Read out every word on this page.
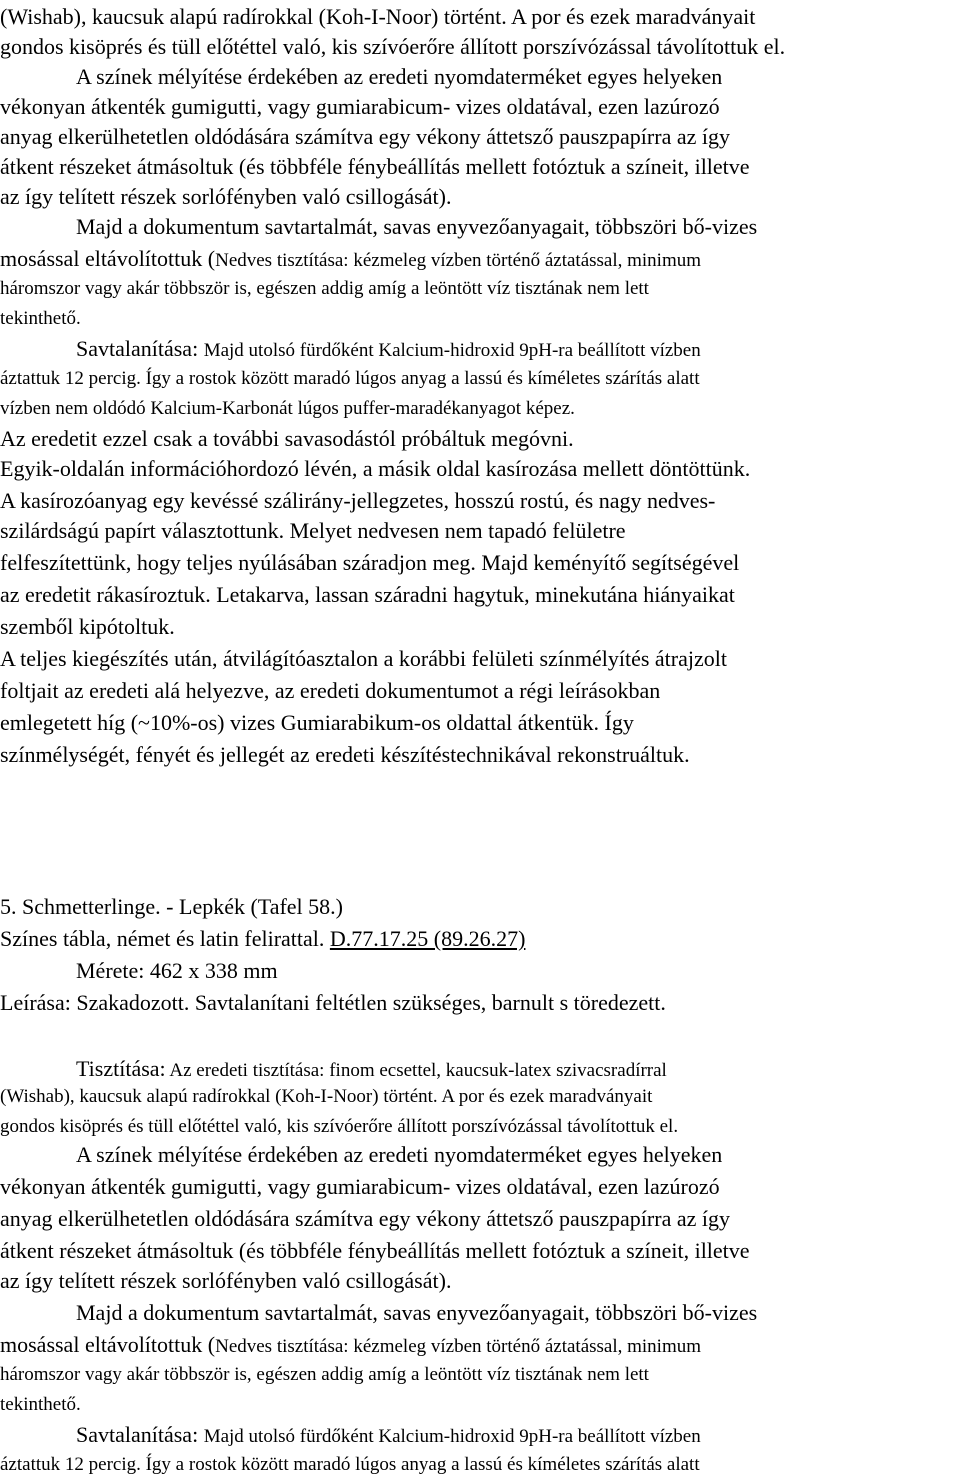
(Wishab), kaucsuk alapú radírokkal (Koh-I-Noor) történt. A por és ezek maradványait
gondos kisöprés és tüll előtéttel való, kis szívóerőre állított porszívózással távolítottuk el.
A színek mélyítése érdekében az eredeti nyomdaterméket egyes helyeken
vékonyan átkenték gumigutti, vagy gumiarabicum- vizes oldatával, ezen lazúrozó
anyag elkerülhetetlen oldódására számítva egy vékony áttetsző pauszpapírra az így
átkent részeket átmásoltuk (és többféle fénybeállítás mellett fotóztuk a színeit, illetve
az így telített részek sorlófényben való csillogását).
Majd a dokumentum savtartalmát, savas enyvezőanyagait, többszöri bő-vizes
mosással eltávolítottuk (Nedves tisztítása: kézmeleg vízben történő áztatással, minimum
háromszor vagy akár többször is, egészen addig amíg a leöntött víz tisztának nem lett
tekinthető.
Savtalanítása: Majd utolsó fürdőként Kalcium-hidroxid 9pH-ra beállított vízben
áztattuk 12 percig. Így a rostok között maradó lúgos anyag a lassú és kíméletes szárítás alatt
vízben nem oldódó Kalcium-Karbonát lúgos puffer-maradékanyagot képez.
Az eredetit ezzel csak a további savasodástól próbáltuk megóvni.
Egyik-oldalán információhordozó lévén, a másik oldal kasírozása mellett döntöttünk.
A kasírozóanyag egy kevéssé szálirány-jellegzetes, hosszú rostú, és nagy nedves-
szilárdságú papírt választottunk. Melyet nedvesen nem tapadó felületre
felfeszítettünk, hogy teljes nyúlásában száradjon meg. Majd keményítő segítségével
az eredetit rákasíroztuk. Letakarva, lassan száradni hagytuk, minekutána hiányaikat
szemből kipótoltuk.
A teljes kiegészítés után, átvilágítóasztalon a korábbi felületi színmélyítés átrajzolt
foltjait az eredeti alá helyezve, az eredeti dokumentumot a régi leírásokban
emlegetett híg (~10%-os) vizes Gumiarabikum-os oldattal átkentük. Így
színmélységét, fényét és jellegét az eredeti készítéstechnikával rekonstruáltuk.
5. Schmetterlinge. - Lepkék (Tafel 58.)
Színes tábla, német és latin felirattal. D.77.17.25 (89.26.27)
Mérete: 462 x 338 mm
Leírása: Szakadozott. Savtalanítani feltétlen szükséges, barnult s töredezett.
Tisztítása: Az eredeti tisztítása: finom ecsettel, kaucsuk-latex szivacsradírral
(Wishab), kaucsuk alapú radírokkal (Koh-I-Noor) történt. A por és ezek maradványait
gondos kisöprés és tüll előtéttel való, kis szívóerőre állított porszívózással távolítottuk el.
A színek mélyítése érdekében az eredeti nyomdaterméket egyes helyeken
vékonyan átkenték gumigutti, vagy gumiarabicum- vizes oldatával, ezen lazúrozó
anyag elkerülhetetlen oldódására számítva egy vékony áttetsző pauszpapírra az így
átkent részeket átmásoltuk (és többféle fénybeállítás mellett fotóztuk a színeit, illetve
az így telített részek sorlófényben való csillogását).
Majd a dokumentum savtartalmát, savas enyvezőanyagait, többszöri bő-vizes
mosással eltávolítottuk (Nedves tisztítása: kézmeleg vízben történő áztatással, minimum
háromszor vagy akár többször is, egészen addig amíg a leöntött víz tisztának nem lett
tekinthető.
Savtalanítása: Majd utolsó fürdőként Kalcium-hidroxid 9pH-ra beállított vízben
áztattuk 12 percig. Így a rostok között maradó lúgos anyag a lassú és kíméletes szárítás alatt
